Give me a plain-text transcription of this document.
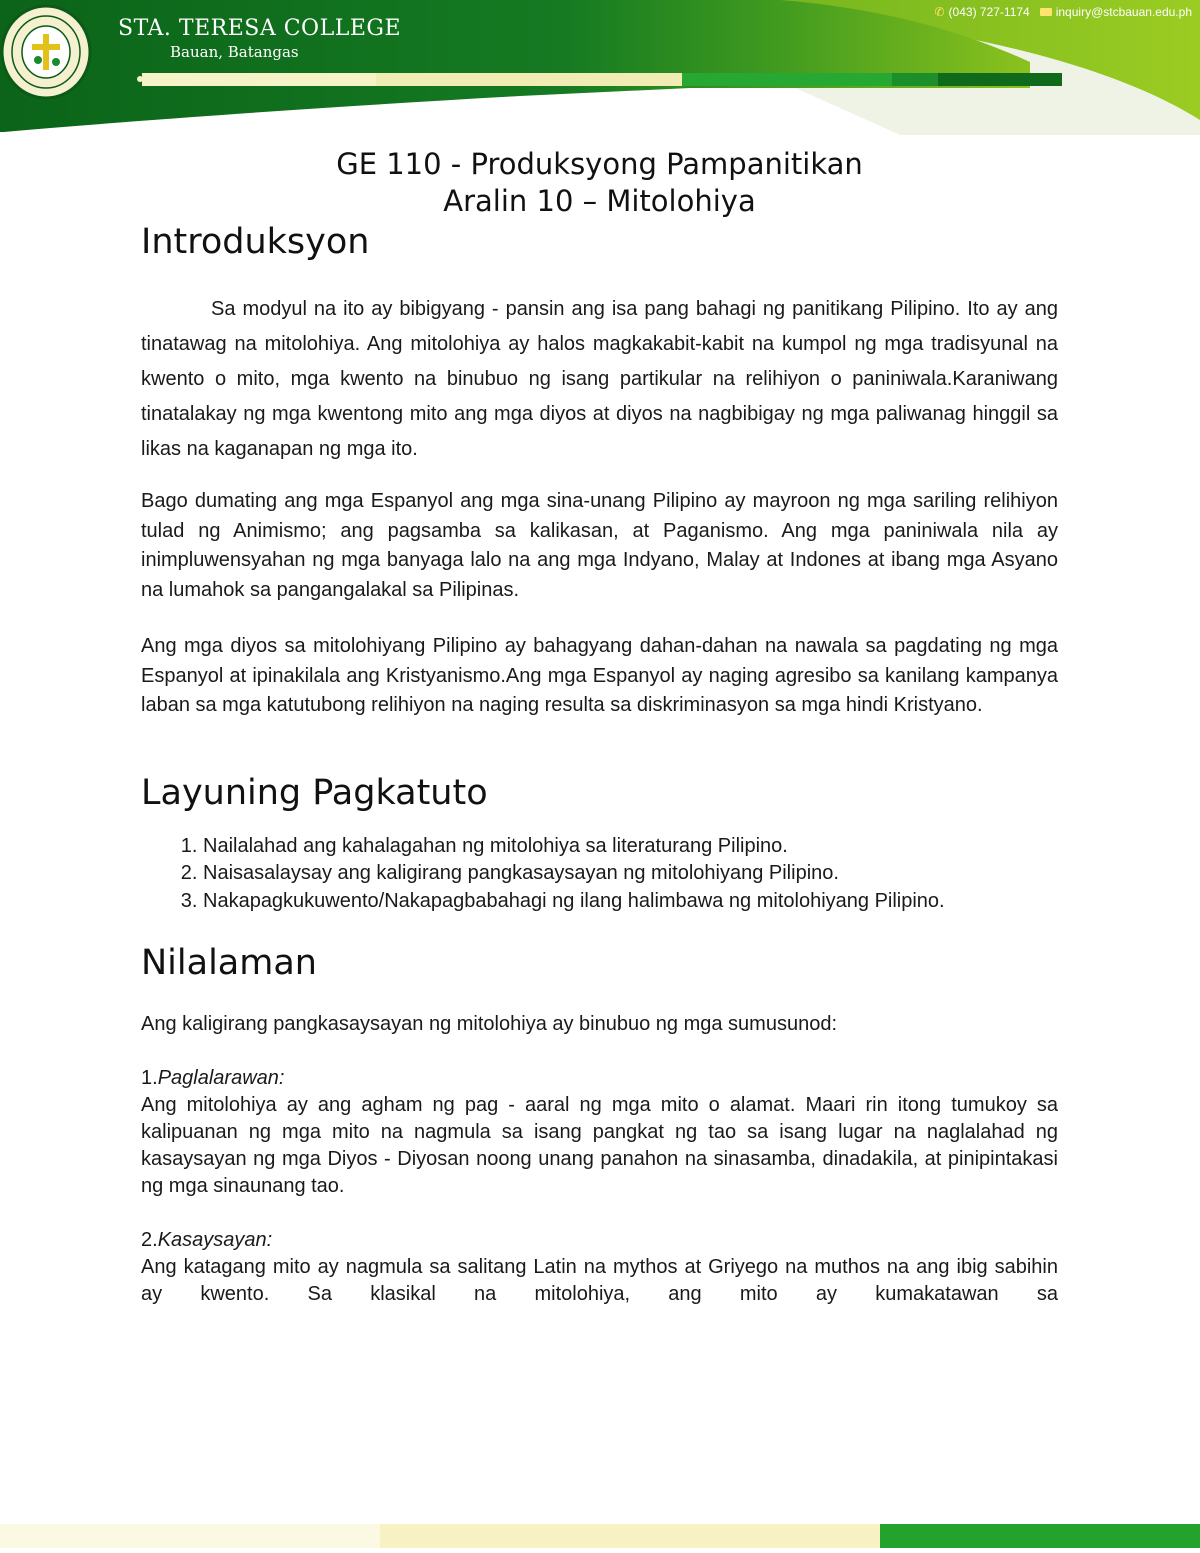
STA. TERESA COLLEGE
Bauan, Batangas
✆ (043) 727-1174 inquiry@stcbauan.edu.ph
GE 110 - Produksyong Pampanitikan
Aralin 10 – Mitolohiya
Introduksyon

Sa modyul na ito ay bibigyang - pansin ang isa pang bahagi ng panitikang Pilipino. Ito ay ang tinatawag na mitolohiya. Ang mitolohiya ay halos magkakabit-kabit na kumpol ng mga tradisyunal na kwento o mito, mga kwento na binubuo ng isang partikular na relihiyon o paniniwala.Karaniwang tinatalakay ng mga kwentong mito ang mga diyos at diyos na nagbibigay ng mga paliwanag hinggil sa likas na kaganapan ng mga ito.

Bago dumating ang mga Espanyol ang mga sina-unang Pilipino ay mayroon ng mga sariling relihiyon tulad ng Animismo; ang pagsamba sa kalikasan, at Paganismo. Ang mga paniniwala nila ay inimpluwensyahan ng mga banyaga lalo na ang mga Indyano, Malay at Indones at ibang mga Asyano na lumahok sa pangangalakal sa Pilipinas.

Ang mga diyos sa mitolohiyang Pilipino ay bahagyang dahan-dahan na nawala sa pagdating ng mga Espanyol at ipinakilala ang Kristyanismo.Ang mga Espanyol ay naging agresibo sa kanilang kampanya laban sa mga katutubong relihiyon na naging resulta sa diskriminasyon sa mga hindi Kristyano.

Layuning Pagkatuto
1. Nailalahad ang kahalagahan ng mitolohiya sa literaturang Pilipino.
2. Naisasalaysay ang kaligirang pangkasaysayan ng mitolohiyang Pilipino.
3. Nakapagkukuwento/Nakapagbabahagi ng ilang halimbawa ng mitolohiyang Pilipino.
Nilalaman

Ang kaligirang pangkasaysayan ng mitolohiya ay binubuo ng mga sumusunod:

1.Paglalarawan:

Ang mitolohiya ay ang agham ng pag - aaral ng mga mito o alamat. Maari rin itong tumukoy sa kalipuanan ng mga mito na nagmula sa isang pangkat ng tao sa isang lugar na naglalahad ng kasaysayan ng mga Diyos - Diyosan noong unang panahon na sinasamba, dinadakila, at pinipintakasi ng mga sinaunang tao.

2.Kasaysayan:

Ang katagang mito ay nagmula sa salitang Latin na mythos at Griyego na muthos na ang ibig sabihin ay kwento. Sa klasikal na mitolohiya, ang mito ay kumakatawan sa
